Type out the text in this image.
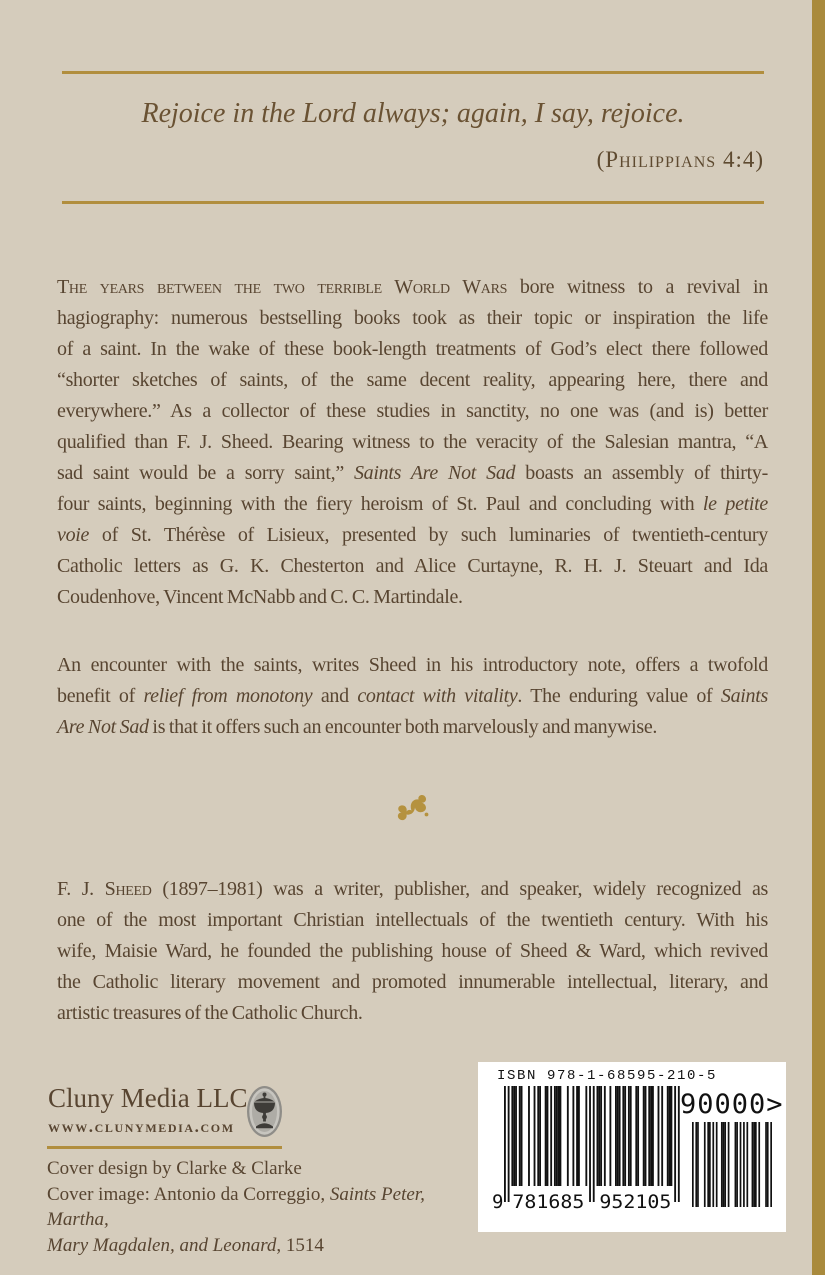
Rejoice in the Lord always; again, I say, rejoice.
(Philippians 4:4)
The years between the two terrible World Wars bore witness to a revival in
hagiography: numerous bestselling books took as their topic or inspiration the life
of a saint. In the wake of these book-length treatments of God’s elect there followed
“shorter sketches of saints, of the same decent reality, appearing here, there and
everywhere.” As a collector of these studies in sanctity, no one was (and is) better
qualified than F. J. Sheed. Bearing witness to the veracity of the Salesian mantra, “A
sad saint would be a sorry saint,” Saints Are Not Sad boasts an assembly of thirty-
four saints, beginning with the fiery heroism of St. Paul and concluding with le petite
voie of St. Thérèse of Lisieux, presented by such luminaries of twentieth-century
Catholic letters as G. K. Chesterton and Alice Curtayne, R. H. J. Steuart and Ida
Coudenhove, Vincent McNabb and C. C. Martindale.
An encounter with the saints, writes Sheed in his introductory note, offers a twofold
benefit of relief from monotony and contact with vitality. The enduring value of Saints
Are Not Sad is that it offers such an encounter both marvelously and manywise.
F. J. Sheed (1897–1981) was a writer, publisher, and speaker, widely recognized as
one of the most important Christian intellectuals of the twentieth century. With his
wife, Maisie Ward, he founded the publishing house of Sheed & Ward, which revived
the Catholic literary movement and promoted innumerable intellectual, literary, and
artistic treasures of the Catholic Church.
Cluny Media LLC
www.clunymedia.com
Cover design by Clarke & Clarke
Cover image: Antonio da Correggio, Saints Peter, Martha,
Mary Magdalen, and Leonard, 1514
ISBN 978-1-68595-210-5
9 781685 952105
90000>
